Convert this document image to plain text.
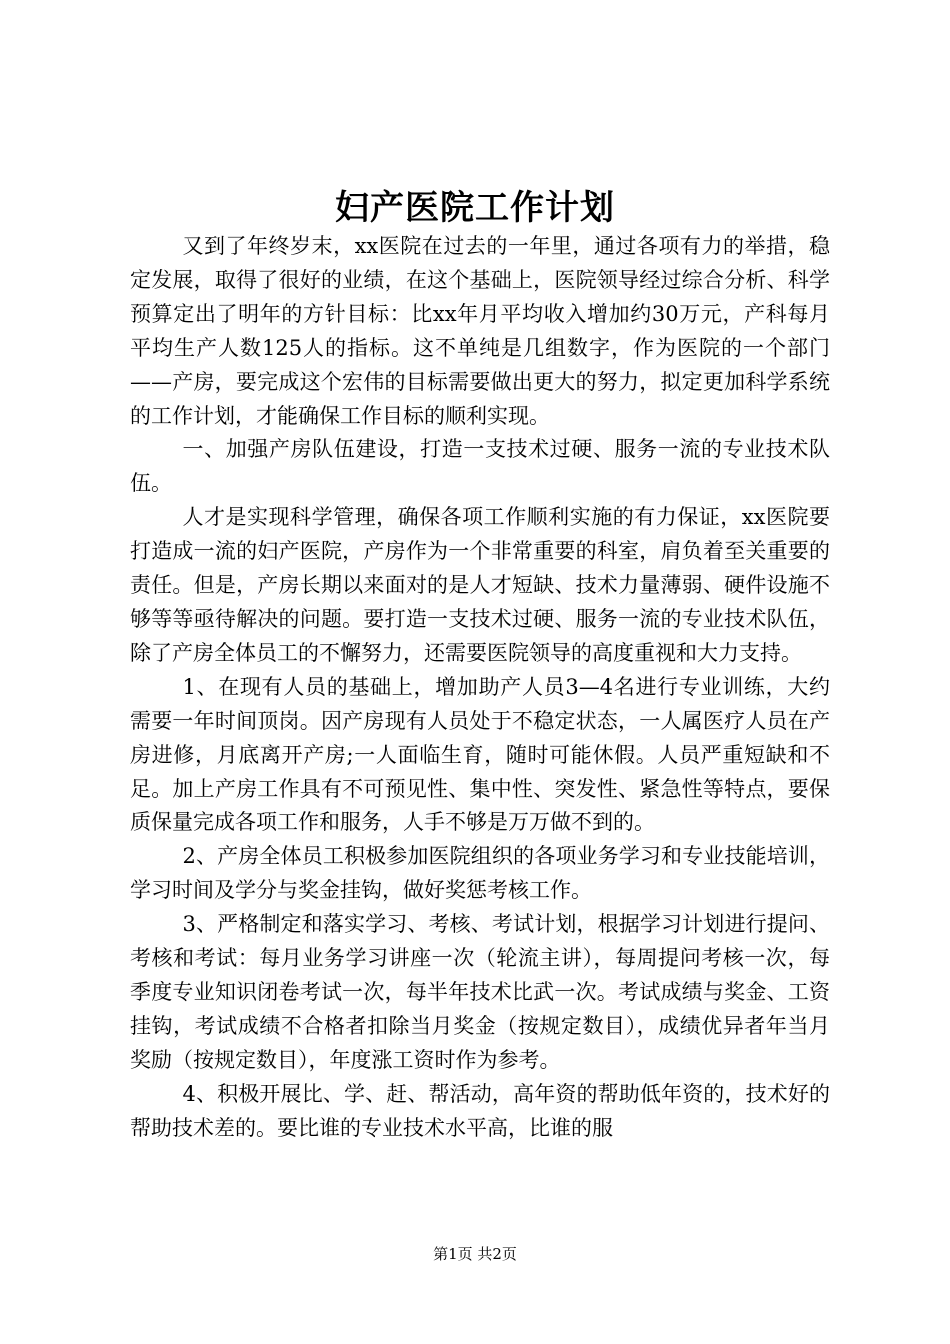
妇产医院工作计划

又到了年终岁末，xx医院在过去的一年里，通过各项有力的举措，稳定发展，取得了很好的业绩，在这个基础上，医院领导经过综合分析、科学预算定出了明年的方针目标：比xx年月平均收入增加约30万元，产科每月平均生产人数125人的指标。这不单纯是几组数字，作为医院的一个部门——产房，要完成这个宏伟的目标需要做出更大的努力，拟定更加科学系统的工作计划，才能确保工作目标的顺利实现。

一、加强产房队伍建设，打造一支技术过硬、服务一流的专业技术队伍。

人才是实现科学管理，确保各项工作顺利实施的有力保证，xx医院要打造成一流的妇产医院，产房作为一个非常重要的科室，肩负着至关重要的责任。但是，产房长期以来面对的是人才短缺、技术力量薄弱、硬件设施不够等等亟待解决的问题。要打造一支技术过硬、服务一流的专业技术队伍，除了产房全体员工的不懈努力，还需要医院领导的高度重视和大力支持。

1、在现有人员的基础上，增加助产人员3—4名进行专业训练，大约需要一年时间顶岗。因产房现有人员处于不稳定状态，一人属医疗人员在产房进修，月底离开产房;一人面临生育，随时可能休假。人员严重短缺和不足。加上产房工作具有不可预见性、集中性、突发性、紧急性等特点，要保质保量完成各项工作和服务，人手不够是万万做不到的。

2、产房全体员工积极参加医院组织的各项业务学习和专业技能培训，学习时间及学分与奖金挂钩，做好奖惩考核工作。

3、严格制定和落实学习、考核、考试计划，根据学习计划进行提问、考核和考试：每月业务学习讲座一次（轮流主讲），每周提问考核一次，每季度专业知识闭卷考试一次，每半年技术比武一次。考试成绩与奖金、工资挂钩，考试成绩不合格者扣除当月奖金（按规定数目），成绩优异者年当月奖励（按规定数目），年度涨工资时作为参考。

4、积极开展比、学、赶、帮活动，高年资的帮助低年资的，技术好的帮助技术差的。要比谁的专业技术水平高，比谁的服

第1页 共2页
